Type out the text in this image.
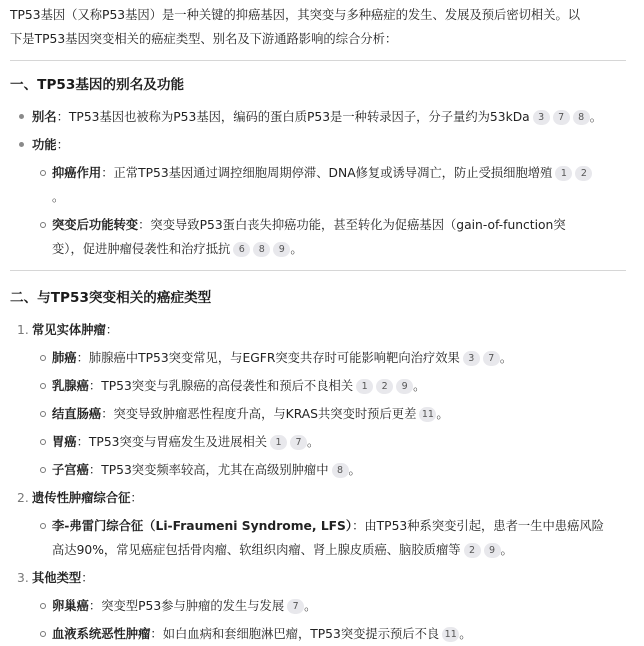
TP53基因（又称P53基因）是一种关键的抑癌基因，其突变与多种癌症的发生、发展及预后密切相关。以
下是TP53基因突变相关的癌症类型、别名及下游通路影响的综合分析：

一、TP53基因的别名及功能
别名：TP53基因也被称为P53基因，编码的蛋白质P53是一种转录因子，分子量约为53kDa 3 7 8 。
功能：
抑癌作用：正常TP53基因通过调控细胞周期停滞、DNA修复或诱导凋亡，防止受损细胞增殖 1 2
。
突变后功能转变：突变导致P53蛋白丧失抑癌功能，甚至转化为促癌基因（gain-of-function突
变），促进肿瘤侵袭性和治疗抵抗 6 8 9 。
二、与TP53突变相关的癌症类型
1. 常见实体肿瘤：
肺癌：肺腺癌中TP53突变常见，与EGFR突变共存时可能影响靶向治疗效果 3 7 。
乳腺癌：TP53突变与乳腺癌的高侵袭性和预后不良相关 1 2 9 。
结直肠癌：突变导致肿瘤恶性程度升高，与KRAS共突变时预后更差 11 。
胃癌：TP53突变与胃癌发生及进展相关 1 7 。
子宫癌：TP53突变频率较高，尤其在高级别肿瘤中 8 。
2. 遗传性肿瘤综合征：
李-弗雷门综合征（Li-Fraumeni Syndrome, LFS）：由TP53种系突变引起，患者一生中患癌风险
高达90%，常见癌症包括骨肉瘤、软组织肉瘤、肾上腺皮质癌、脑胶质瘤等 2 9 。
3. 其他类型：
卵巢癌：突变型P53参与肿瘤的发生与发展 7 。
血液系统恶性肿瘤：如白血病和套细胞淋巴瘤，TP53突变提示预后不良 11 。
